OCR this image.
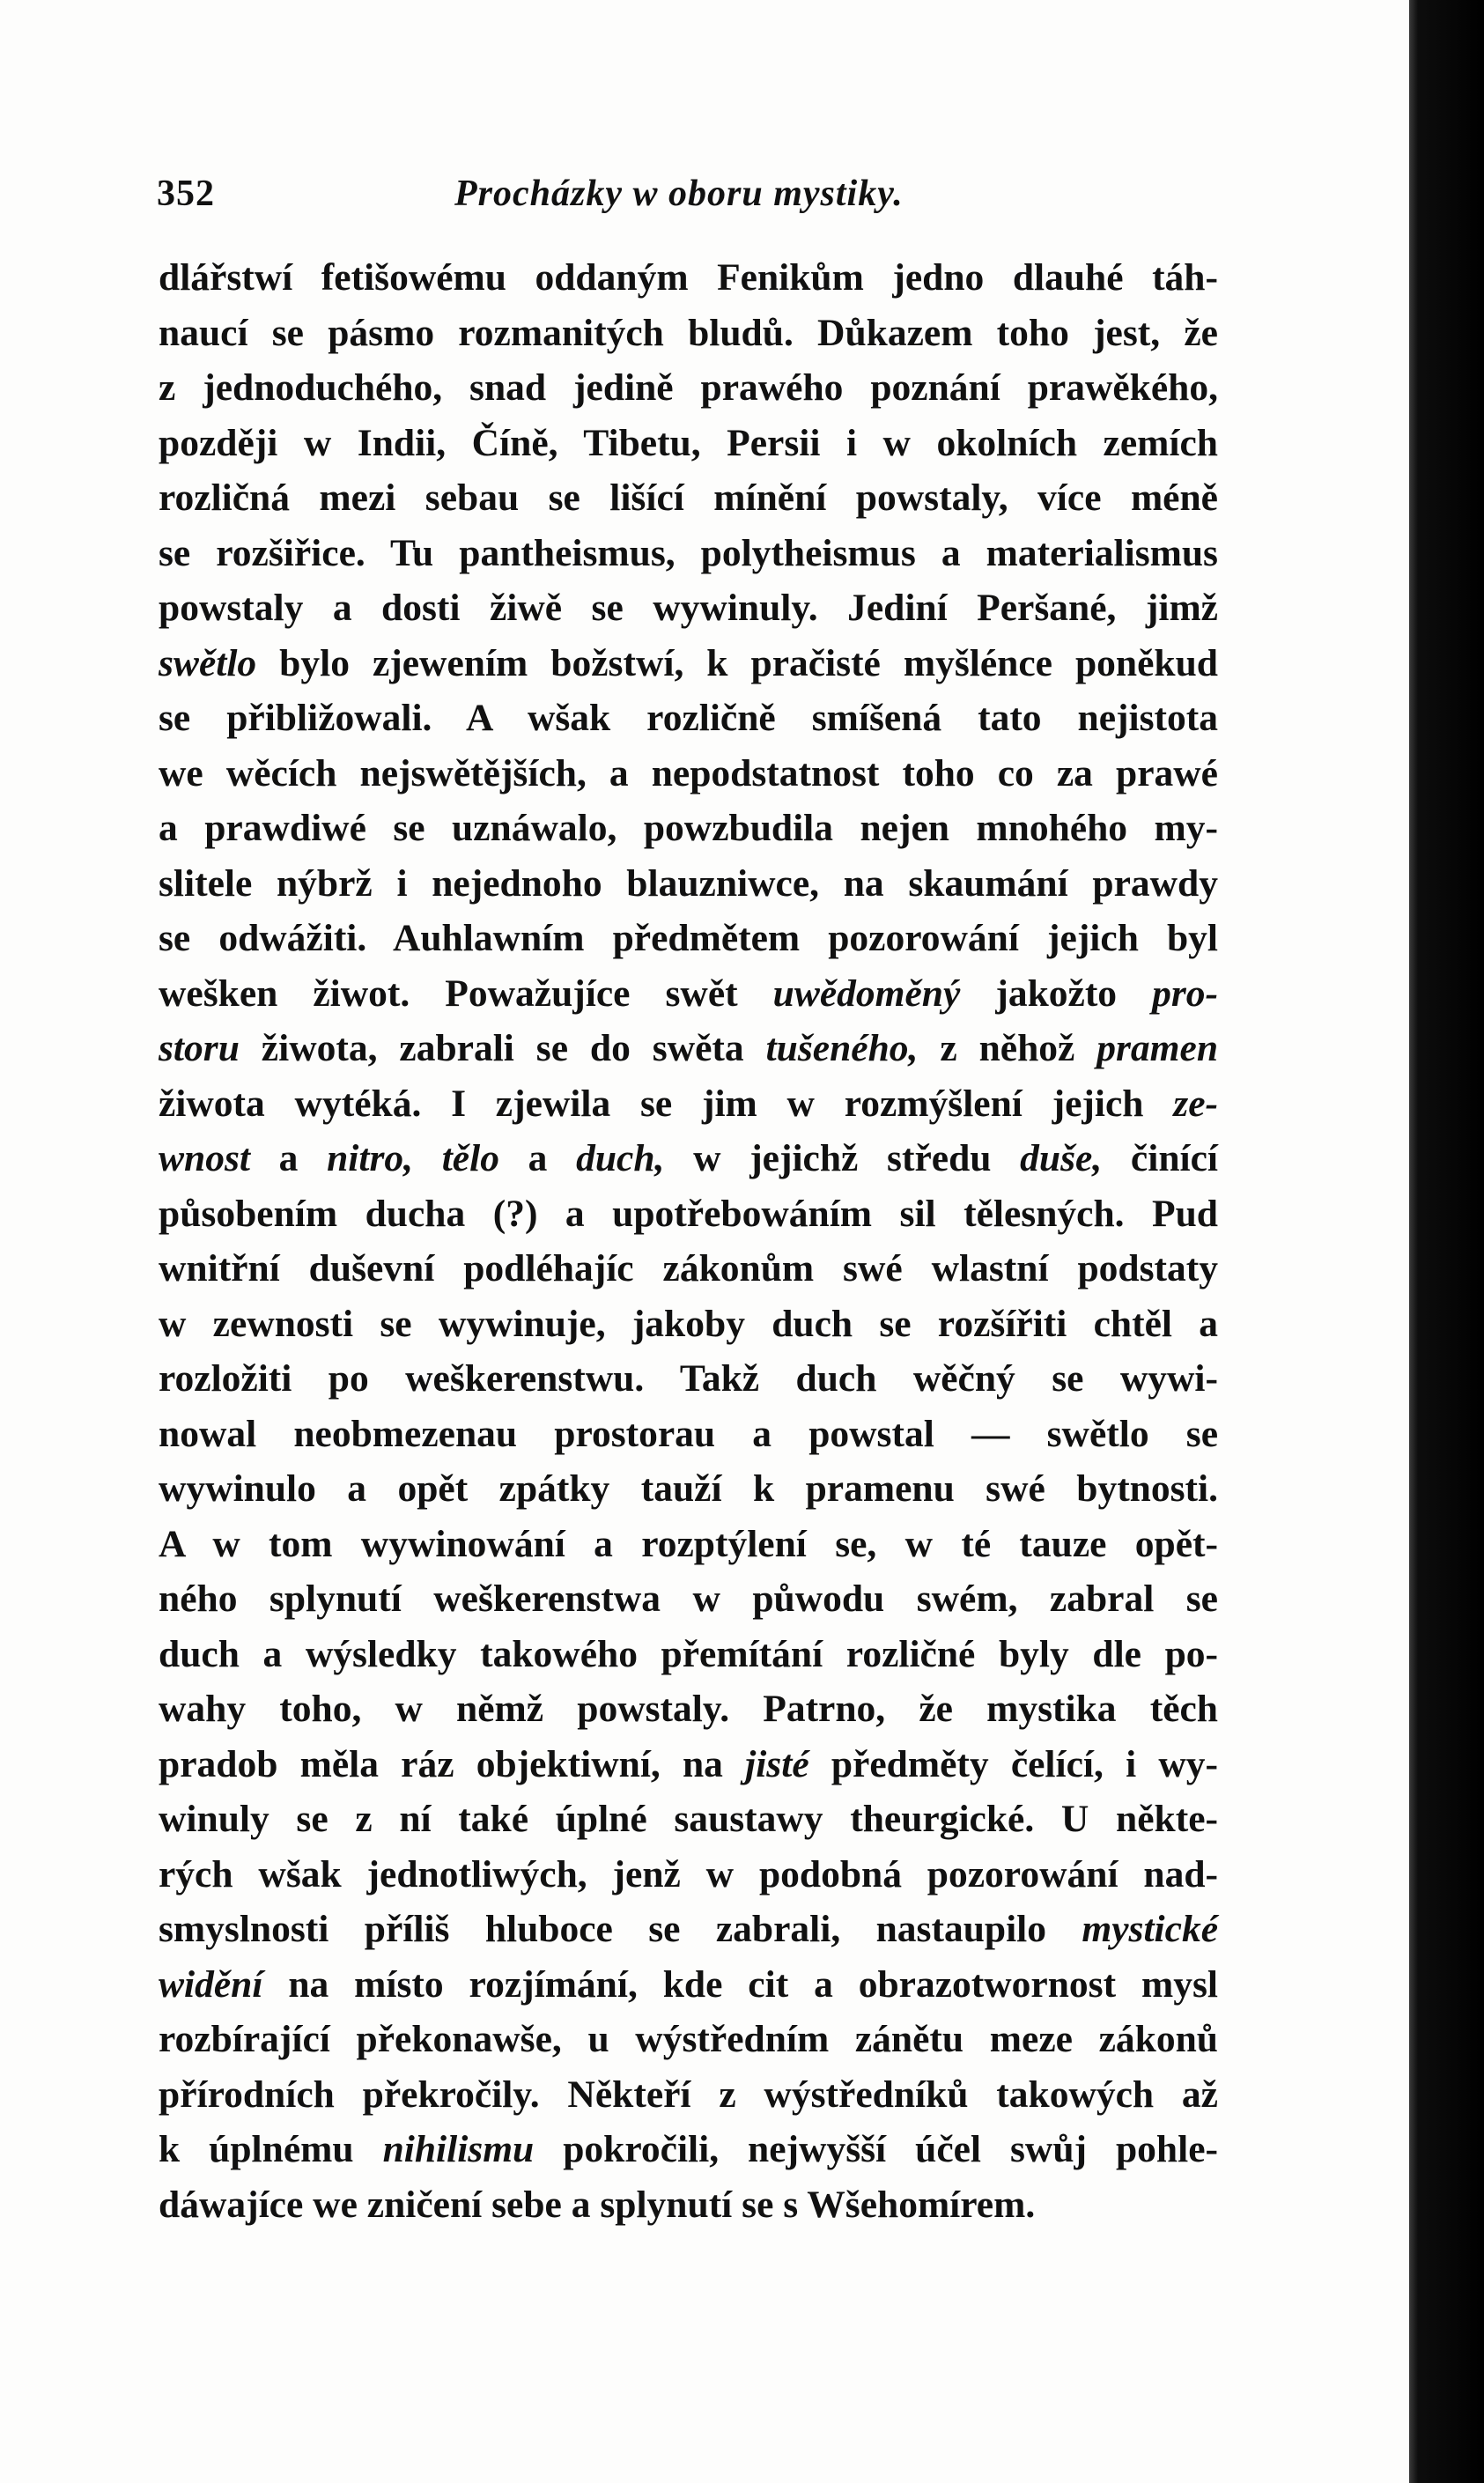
352	Procházky w oboru mystiky.
dlářstwí fetišowému oddaným Fenikům jedno dlauhé táh-
naucí se pásmo rozmanitých bludů. Důkazem toho jest, že
z jednoduchého, snad jedině prawého poznání prawěkého,
později w Indii, Číně, Tibetu, Persii i w okolních zemích
rozličná mezi sebau se lišící mínění powstaly, více méně
se rozšiřice. Tu pantheismus, polytheismus a materialismus
powstaly a dosti žiwě se wywinuly. Jediní Peršané, jimž
swětlo bylo zjewením božstwí, k pračisté myšlénce poněkud
se přibližowali. A wšak rozličně smíšená tato nejistota
we wěcích nejswětějších, a nepodstatnost toho co za prawé
a prawdiwé se uznáwalo, powzbudila nejen mnohého my-
slitele nýbrž i nejednoho blauzniwce, na skaumání prawdy
se odwážiti. Auhlawním předmětem pozorowání jejich byl
wešken žiwot. Powažujíce swět uwědoměný jakožto pro-
storu žiwota, zabrali se do swěta tušeného, z něhož pramen
žiwota wytéká. I zjewila se jim w rozmýšlení jejich ze-
wnost a nitro, tělo a duch, w jejichž středu duše, činící
působením ducha (?) a upotřebowáním sil tělesných. Pud
wnitřní duševní podléhajíc zákonům swé wlastní podstaty
w zewnosti se wywinuje, jakoby duch se rozšířiti chtěl a
rozložiti po weškerenstwu. Takž duch wěčný se wywi-
nowal neobmezenau prostorau a powstal — swětlo se
wywinulo a opět zpátky tauží k pramenu swé bytnosti.
A w tom wywinowání a rozptýlení se, w té tauze opět-
ného splynutí weškerenstwa w půwodu swém, zabral se
duch a wýsledky takowého přemítání rozličné byly dle po-
wahy toho, w němž powstaly. Patrno, že mystika těch
pradob měla ráz objektiwní, na jisté předměty čelící, i wy-
winuly se z ní také úplné saustawy theurgické. U někte-
rých wšak jednotliwých, jenž w podobná pozorowání nad-
smyslnosti příliš hluboce se zabrali, nastaupilo mystické
widění na místo rozjímání, kde cit a obrazotwornost mysl
rozbírající překonawše, u wýstředním zánětu meze zákonů
přírodních překročily. Někteří z wýstředníků takowých až
k úplnému nihilismu pokročili, nejwyšší účel swůj pohle-
dáwajíce we zničení sebe a splynutí se s Wšehomírem.
